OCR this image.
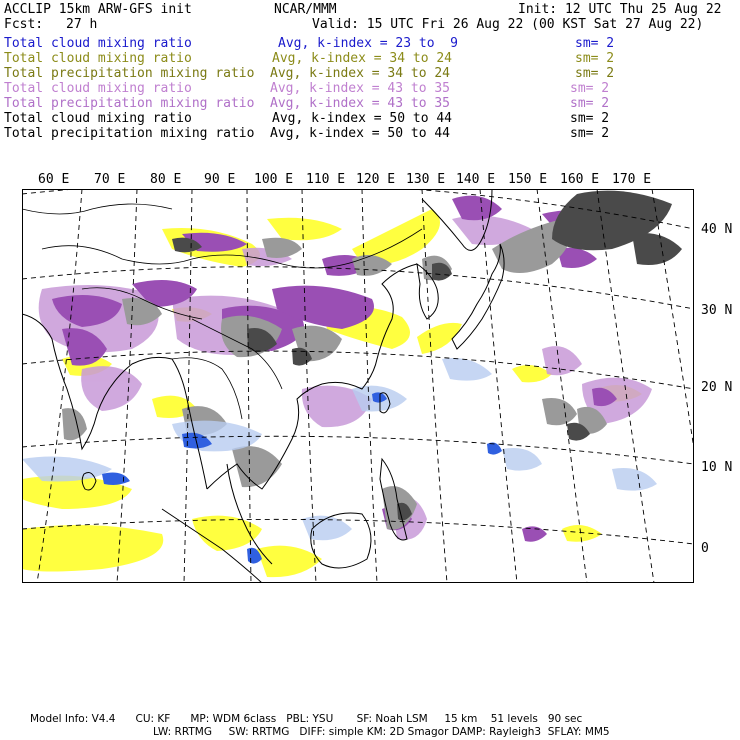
ACCLIP 15km ARW-GFS init	NCAR/MMM	Init: 12 UTC Thu 25 Aug 22
Fcst: 27 h	Valid: 15 UTC Fri 26 Aug 22 (00 KST Sat 27 Aug 22)
Total cloud mixing ratio	Avg, k-index = 23 to  9	sm= 2
Total cloud mixing ratio	Avg, k-index = 34 to 24	sm= 2
Total precipitation mixing ratio Avg, k-index = 34 to 24	sm= 2
Total cloud mixing ratio	Avg, k-index = 43 to 35	sm= 2
Total precipitation mixing ratio Avg, k-index = 43 to 35	sm= 2
Total cloud mixing ratio	Avg, k-index = 50 to 44	sm= 2
Total precipitation mixing ratio Avg, k-index = 50 to 44	sm= 2
60 E 70 E 80 E 90 E 100 E 110 E 120 E 130 E 140 E 150 E 160 E 170 E
40 N
30 N
20 N
10 N
0
Model Info: V4.4      CU: KF      MP: WDM 6class   PBL: YSU       SF: Noah LSM     15 km    51 levels   90 sec
LW: RRTMG     SW: RRTMG   DIFF: simple KM: 2D Smagor DAMP: Rayleigh3  SFLAY: MM5
